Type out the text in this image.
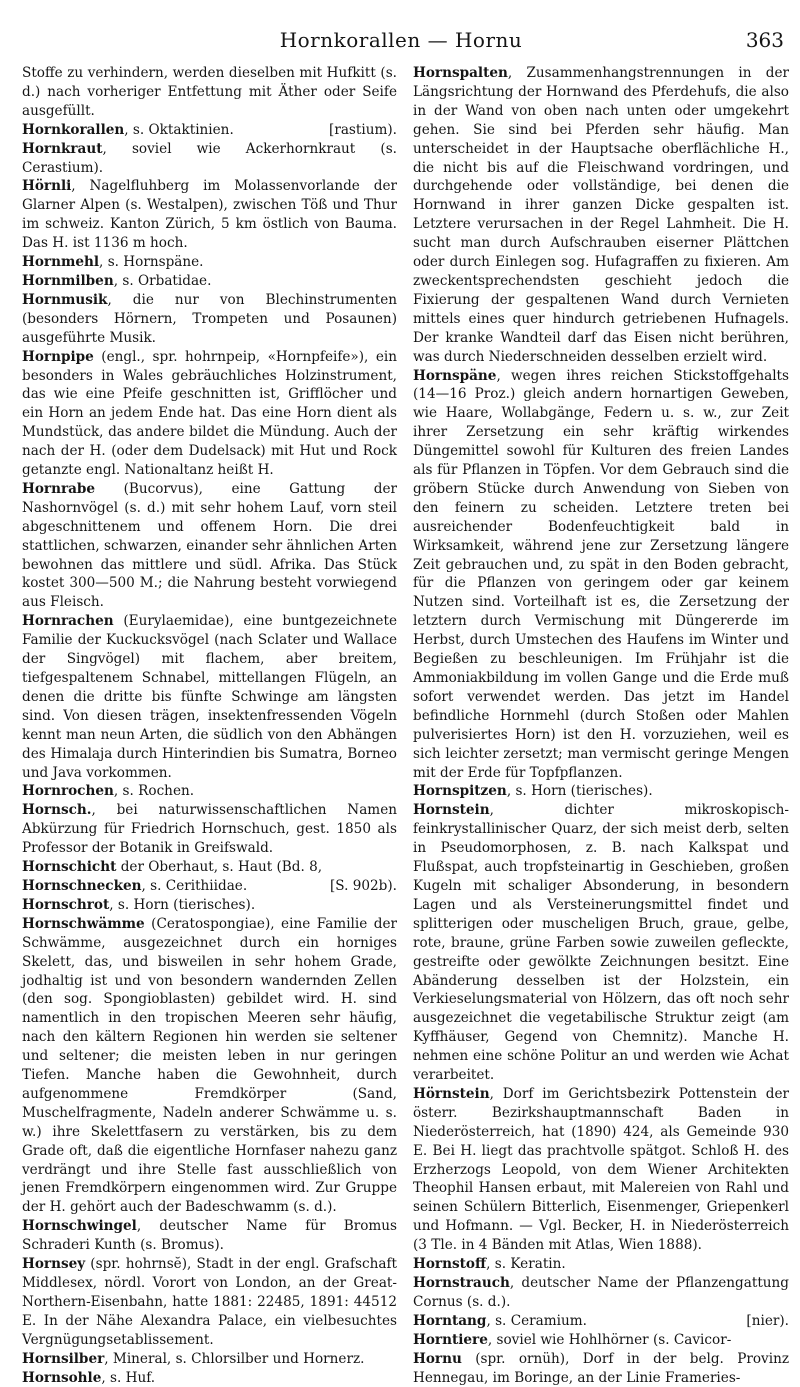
Hornkorallen — Hornu	363

Stoffe zu verhindern, werden dieselben mit Hufkitt (s. d.) nach vorheriger Entfettung mit Äther oder Seife ausgefüllt.

[rastium).
Hornkorallen, s. Oktaktinien.

Hornkraut, soviel wie Ackerhornkraut (s. Cerastium).

Hörnli, Nagelfluhberg im Molassenvorlande der Glarner Alpen (s. Westalpen), zwischen Töß und Thur im schweiz. Kanton Zürich, 5 km östlich von Bauma. Das H. ist 1136 m hoch.

Hornmehl, s. Hornspäne.

Hornmilben, s. Orbatidae.

Hornmusik, die nur von Blechinstrumenten (besonders Hörnern, Trompeten und Posaunen) ausgeführte Musik.

Hornpipe (engl., spr. hohrnpeip, «Hornpfeife»), ein besonders in Wales gebräuchliches Holzinstrument, das wie eine Pfeife geschnitten ist, Grifflöcher und ein Horn an jedem Ende hat. Das eine Horn dient als Mundstück, das andere bildet die Mündung. Auch der nach der H. (oder dem Dudelsack) mit Hut und Rock getanzte engl. Nationaltanz heißt H.

Hornrabe (Bucorvus), eine Gattung der Nashornvögel (s. d.) mit sehr hohem Lauf, vorn steil abgeschnittenem und offenem Horn. Die drei stattlichen, schwarzen, einander sehr ähnlichen Arten bewohnen das mittlere und südl. Afrika. Das Stück kostet 300—500 M.; die Nahrung besteht vorwiegend aus Fleisch.

Hornrachen (Eurylaemidae), eine buntgezeichnete Familie der Kuckucksvögel (nach Sclater und Wallace der Singvögel) mit flachem, aber breitem, tiefgespaltenem Schnabel, mittellangen Flügeln, an denen die dritte bis fünfte Schwinge am längsten sind. Von diesen trägen, insektenfressenden Vögeln kennt man neun Arten, die südlich von den Abhängen des Himalaja durch Hinterindien bis Sumatra, Borneo und Java vorkommen.

Hornrochen, s. Rochen.

Hornsch., bei naturwissenschaftlichen Namen Abkürzung für Friedrich Hornschuch, gest. 1850 als Professor der Botanik in Greifswald.

Hornschicht der Oberhaut, s. Haut (Bd. 8,

[S. 902b).
Hornschnecken, s. Cerithiidae.

Hornschrot, s. Horn (tierisches).

Hornschwämme (Ceratospongiae), eine Familie der Schwämme, ausgezeichnet durch ein horniges Skelett, das, und bisweilen in sehr hohem Grade, jodhaltig ist und von besondern wandernden Zellen (den sog. Spongioblasten) gebildet wird. H. sind namentlich in den tropischen Meeren sehr häufig, nach den kältern Regionen hin werden sie seltener und seltener; die meisten leben in nur geringen Tiefen. Manche haben die Gewohnheit, durch aufgenommene Fremdkörper (Sand, Muschelfragmente, Nadeln anderer Schwämme u. s. w.) ihre Skelettfasern zu verstärken, bis zu dem Grade oft, daß die eigentliche Hornfaser nahezu ganz verdrängt und ihre Stelle fast ausschließlich von jenen Fremdkörpern eingenommen wird. Zur Gruppe der H. gehört auch der Badeschwamm (s. d.).

Hornschwingel, deutscher Name für Bromus Schraderi Kunth (s. Bromus).

Hornsey (spr. hohrnsĕ), Stadt in der engl. Grafschaft Middlesex, nördl. Vorort von London, an der Great-Northern-Eisenbahn, hatte 1881: 22485, 1891: 44512 E. In der Nähe Alexandra Palace, ein vielbesuchtes Vergnügungsetablissement.

Hornsilber, Mineral, s. Chlorsilber und Hornerz.

Hornsohle, s. Huf.

Hornspalten, Zusammenhangstrennungen in der Längsrichtung der Hornwand des Pferdehufs, die also in der Wand von oben nach unten oder umgekehrt gehen. Sie sind bei Pferden sehr häufig. Man unterscheidet in der Hauptsache oberflächliche H., die nicht bis auf die Fleischwand vordringen, und durchgehende oder vollständige, bei denen die Hornwand in ihrer ganzen Dicke gespalten ist. Letztere verursachen in der Regel Lahmheit. Die H. sucht man durch Aufschrauben eiserner Plättchen oder durch Einlegen sog. Hufagraffen zu fixieren. Am zweckentsprechendsten geschieht jedoch die Fixierung der gespaltenen Wand durch Vernieten mittels eines quer hindurch getriebenen Hufnagels. Der kranke Wandteil darf das Eisen nicht berühren, was durch Niederschneiden desselben erzielt wird.

Hornspäne, wegen ihres reichen Stickstoffgehalts (14—16 Proz.) gleich andern hornartigen Geweben, wie Haare, Wollabgänge, Federn u. s. w., zur Zeit ihrer Zersetzung ein sehr kräftig wirkendes Düngemittel sowohl für Kulturen des freien Landes als für Pflanzen in Töpfen. Vor dem Gebrauch sind die gröbern Stücke durch Anwendung von Sieben von den feinern zu scheiden. Letztere treten bei ausreichender Bodenfeuchtigkeit bald in Wirksamkeit, während jene zur Zersetzung längere Zeit gebrauchen und, zu spät in den Boden gebracht, für die Pflanzen von geringem oder gar keinem Nutzen sind. Vorteilhaft ist es, die Zersetzung der letztern durch Vermischung mit Düngererde im Herbst, durch Umstechen des Haufens im Winter und Begießen zu beschleunigen. Im Frühjahr ist die Ammoniakbildung im vollen Gange und die Erde muß sofort verwendet werden. Das jetzt im Handel befindliche Hornmehl (durch Stoßen oder Mahlen pulverisiertes Horn) ist den H. vorzuziehen, weil es sich leichter zersetzt; man vermischt geringe Mengen mit der Erde für Topfpflanzen.

Hornspitzen, s. Horn (tierisches).

Hornstein, dichter mikroskopisch-feinkrystallinischer Quarz, der sich meist derb, selten in Pseudomorphosen, z. B. nach Kalkspat und Flußspat, auch tropfsteinartig in Geschieben, großen Kugeln mit schaliger Absonderung, in besondern Lagen und als Versteinerungsmittel findet und splitterigen oder muscheligen Bruch, graue, gelbe, rote, braune, grüne Farben sowie zuweilen gefleckte, gestreifte oder gewölkte Zeichnungen besitzt. Eine Abänderung desselben ist der Holzstein, ein Verkieselungsmaterial von Hölzern, das oft noch sehr ausgezeichnet die vegetabilische Struktur zeigt (am Kyffhäuser, Gegend von Chemnitz). Manche H. nehmen eine schöne Politur an und werden wie Achat verarbeitet.

Hörnstein, Dorf im Gerichtsbezirk Pottenstein der österr. Bezirkshauptmannschaft Baden in Niederösterreich, hat (1890) 424, als Gemeinde 930 E. Bei H. liegt das prachtvolle spätgot. Schloß H. des Erzherzogs Leopold, von dem Wiener Architekten Theophil Hansen erbaut, mit Malereien von Rahl und seinen Schülern Bitterlich, Eisenmenger, Griepenkerl und Hofmann. — Vgl. Becker, H. in Niederösterreich (3 Tle. in 4 Bänden mit Atlas, Wien 1888).

Hornstoff, s. Keratin.

Hornstrauch, deutscher Name der Pflanzengattung Cornus (s. d.).

[nier).
Horntang, s. Ceramium.

Horntiere, soviel wie Hohlhörner (s. Cavicor-

Hornu (spr. ornüh), Dorf in der belg. Provinz Hennegau, im Boringe, an der Linie Frameries-
